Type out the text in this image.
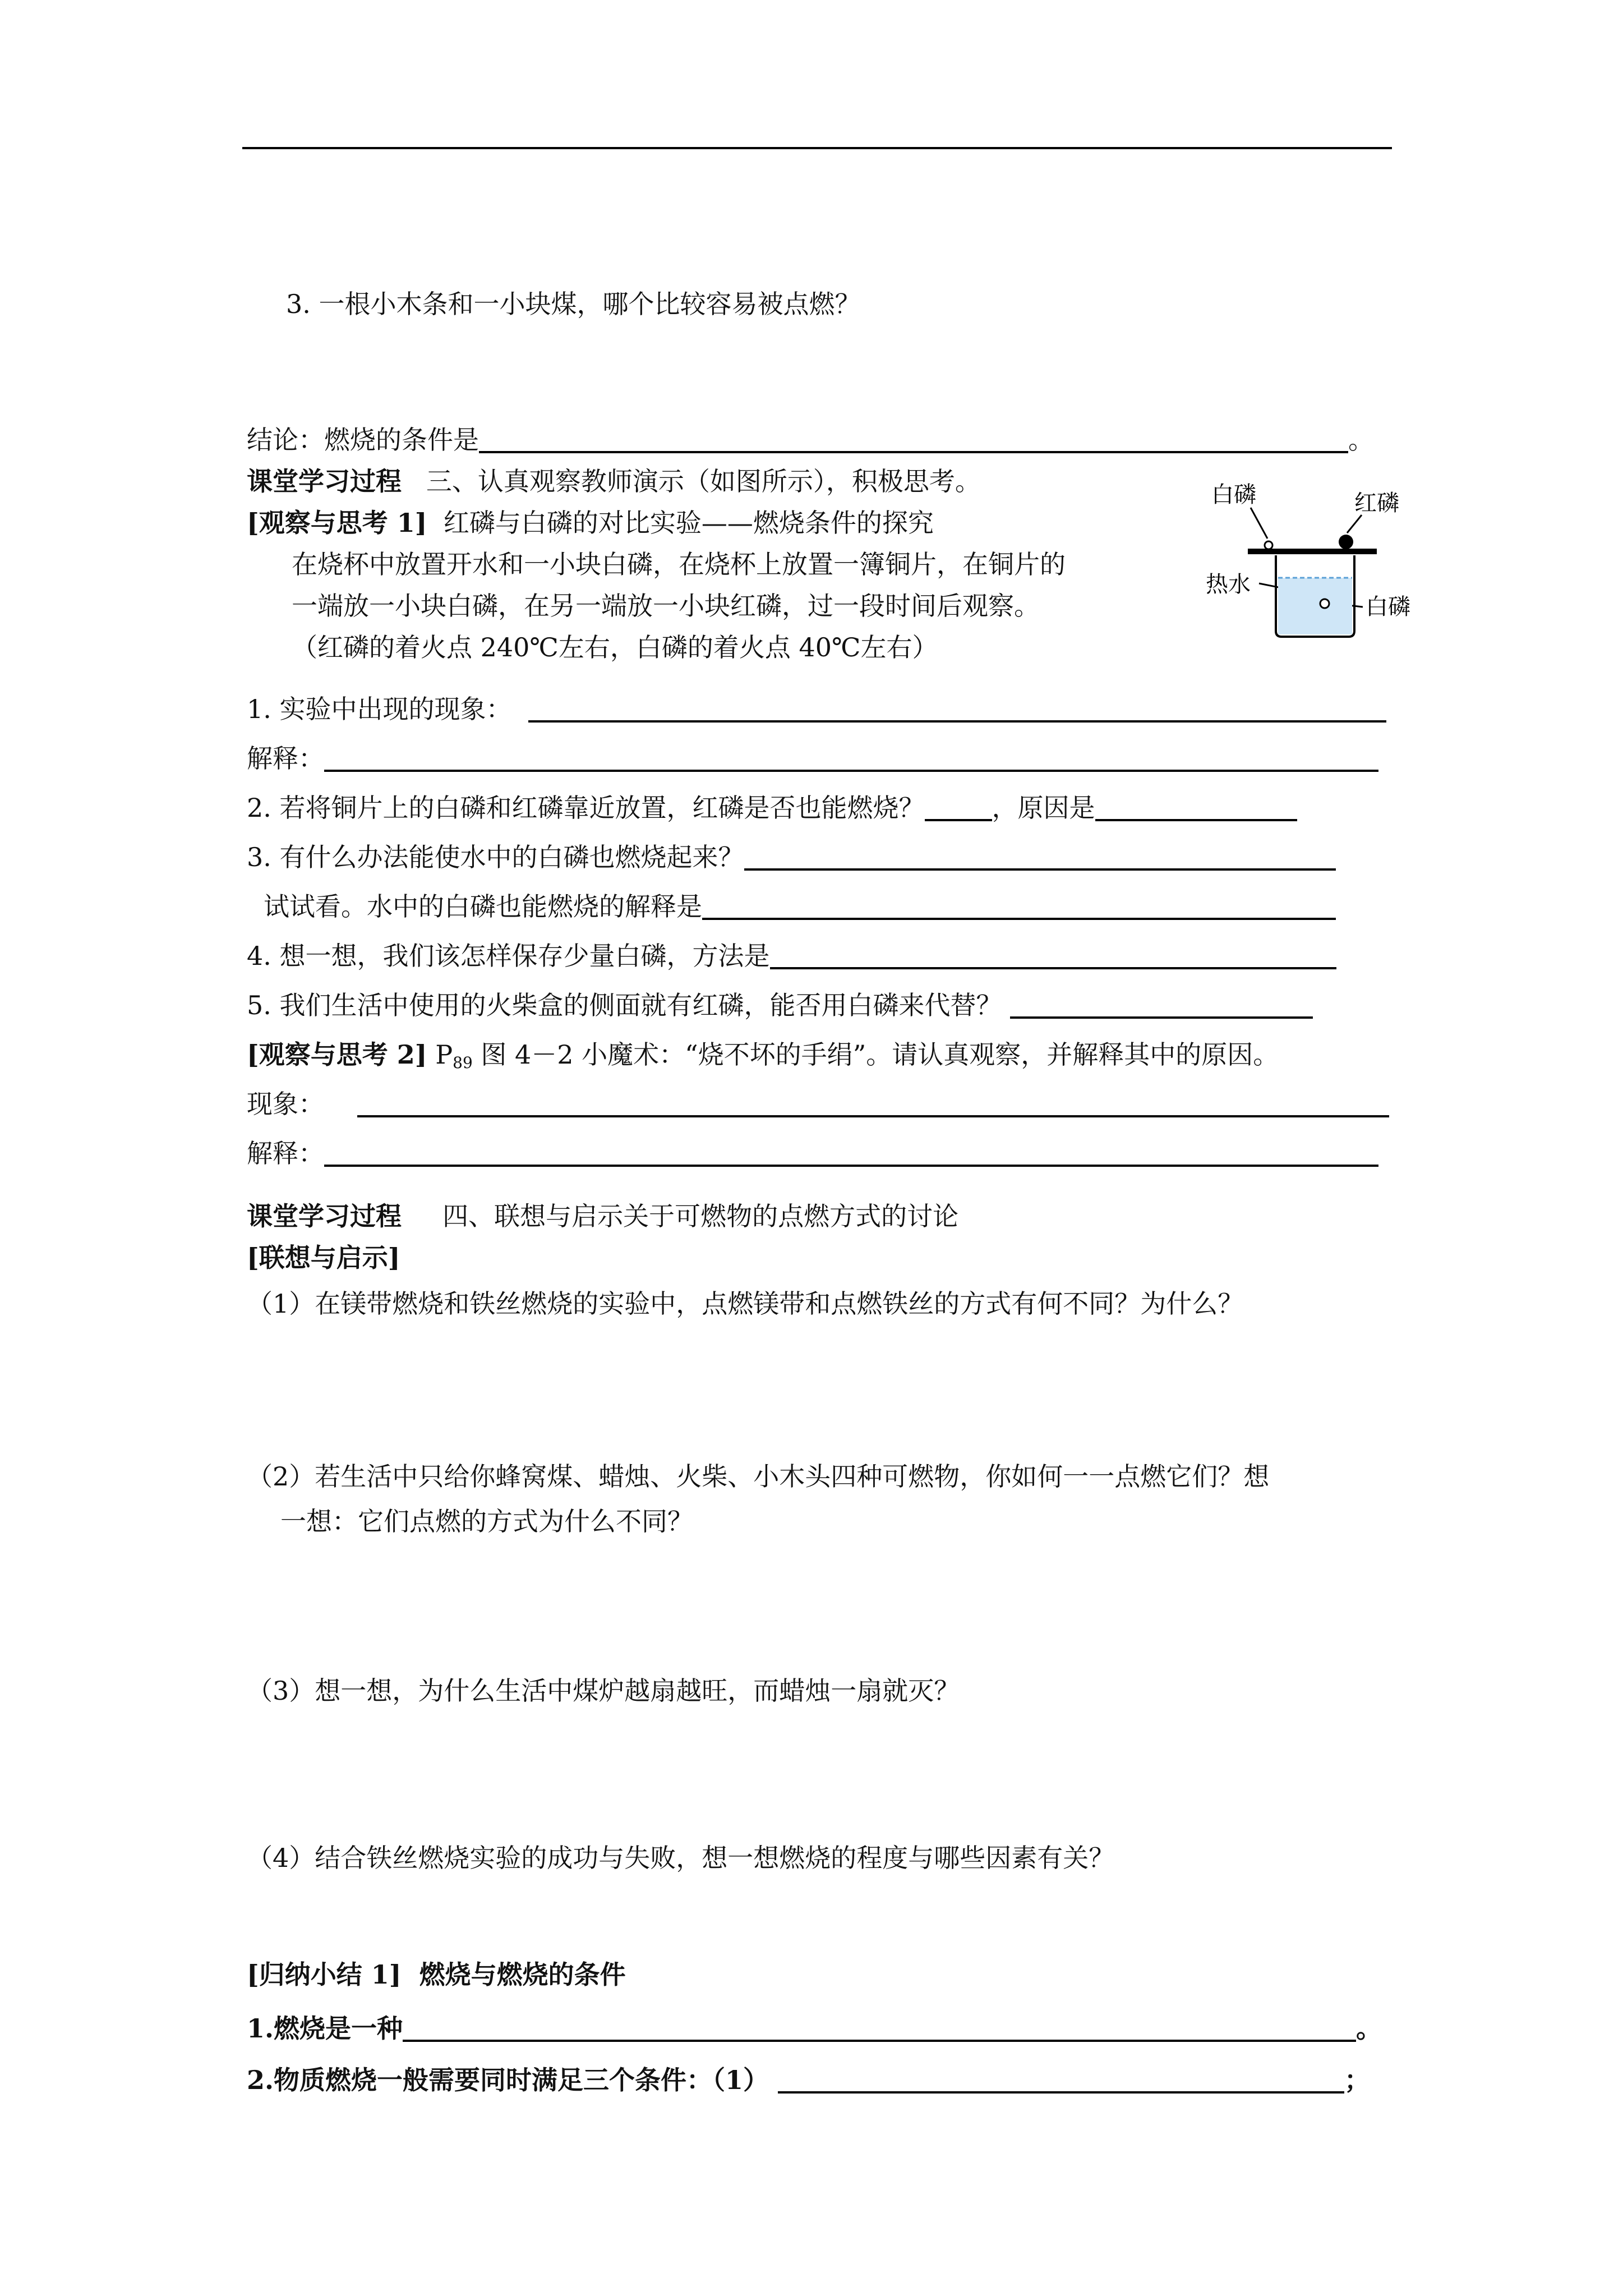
3. 一根小木条和一小块煤，哪个比较容易被点燃？
结论：燃烧的条件是	。
课堂学习过程 三、认真观察教师演示（如图所示），积极思考。
[观察与思考 1] 红磷与白磷的对比实验——燃烧条件的探究
在烧杯中放置开水和一小块白磷，在烧杯上放置一簿铜片，在铜片的
一端放一小块白磷，在另一端放一小块红磷，过一段时间后观察。
（红磷的着火点 240℃左右，白磷的着火点 40℃左右）
白磷	红磷
热水
白磷
1. 实验中出现的现象：
解释：
2. 若将铜片上的白磷和红磷靠近放置，红磷是否也能燃烧？	，原因是
3. 有什么办法能使水中的白磷也燃烧起来？
试试看。水中的白磷也能燃烧的解释是
4. 想一想，我们该怎样保存少量白磷，方法是
5. 我们生活中使用的火柴盒的侧面就有红磷，能否用白磷来代替？
[观察与思考 2] $P_{89}$ 图 4－2 小魔术：“烧不坏的手绢”。请认真观察，并解释其中的原因。
现象：
解释：
课堂学习过程 四、联想与启示关于可燃物的点燃方式的讨论
[联想与启示]
（1）在镁带燃烧和铁丝燃烧的实验中，点燃镁带和点燃铁丝的方式有何不同？为什么？
（2）若生活中只给你蜂窝煤、蜡烛、火柴、小木头四种可燃物，你如何一一点燃它们？想
一想：它们点燃的方式为什么不同？
（3）想一想，为什么生活中煤炉越扇越旺，而蜡烛一扇就灭？
（4）结合铁丝燃烧实验的成功与失败，想一想燃烧的程度与哪些因素有关？
[归纳小结 1] 燃烧与燃烧的条件
1.燃烧是一种	。
2.物质燃烧一般需要同时满足三个条件：（1）	；
